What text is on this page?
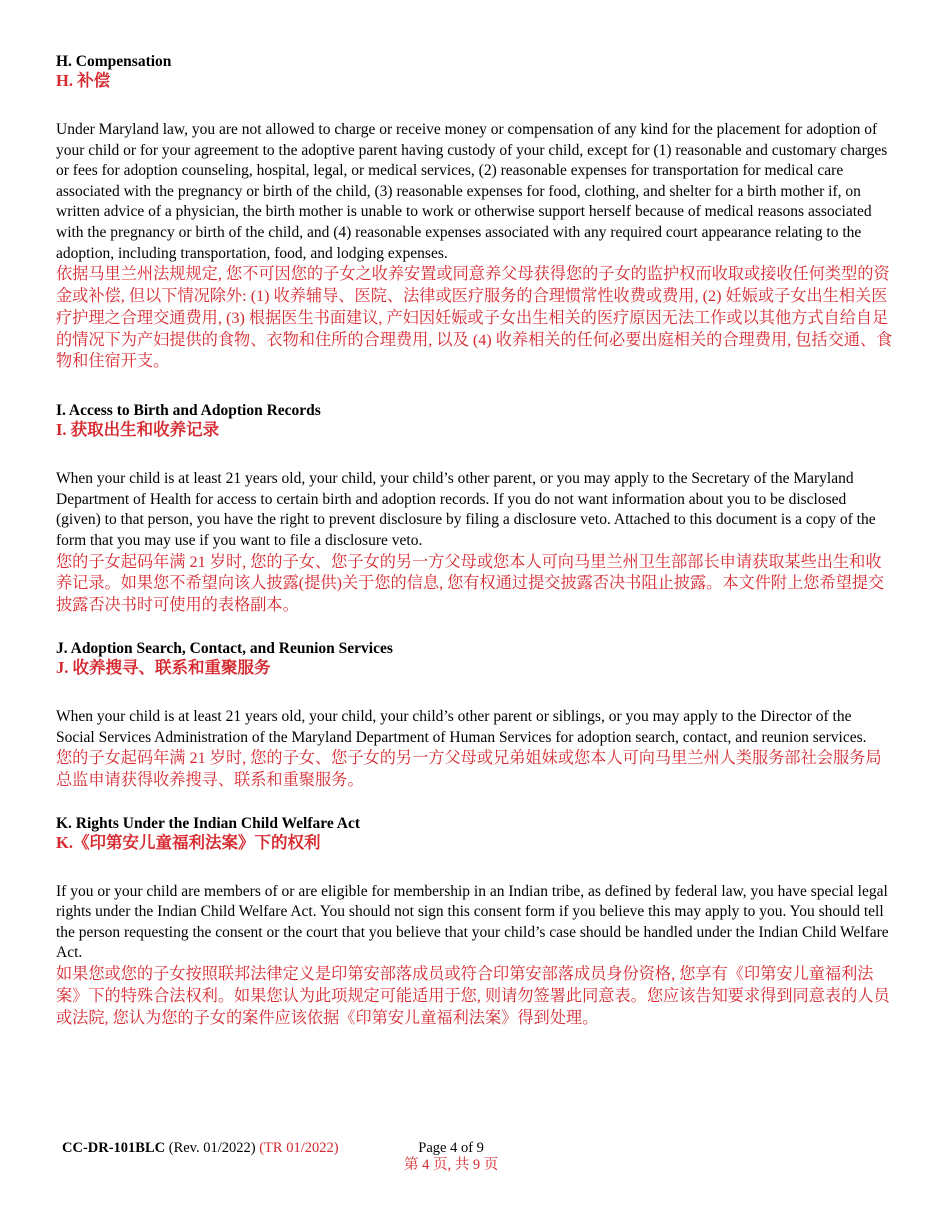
H. Compensation

H. 补偿

Under Maryland law, you are not allowed to charge or receive money or compensation of any kind for the placement for adoption of your child or for your agreement to the adoptive parent having custody of your child, except for (1) reasonable and customary charges or fees for adoption counseling, hospital, legal, or medical services, (2) reasonable expenses for transportation for medical care associated with the pregnancy or birth of the child, (3) reasonable expenses for food, clothing, and shelter for a birth mother if, on written advice of a physician, the birth mother is unable to work or otherwise support herself because of medical reasons associated with the pregnancy or birth of the child, and (4) reasonable expenses associated with any required court appearance relating to the adoption, including transportation, food, and lodging expenses.

依据马里兰州法规规定, 您不可因您的子女之收养安置或同意养父母获得您的子女的监护权而收取或接收任何类型的资金或补偿, 但以下情况除外: (1) 收养辅导、医院、法律或医疗服务的合理惯常性收费或费用, (2) 妊娠或子女出生相关医疗护理之合理交通费用, (3) 根据医生书面建议, 产妇因妊娠或子女出生相关的医疗原因无法工作或以其他方式自给自足的情况下为产妇提供的食物、衣物和住所的合理费用, 以及 (4) 收养相关的任何必要出庭相关的合理费用, 包括交通、食物和住宿开支。

I. Access to Birth and Adoption Records

I. 获取出生和收养记录

When your child is at least 21 years old, your child, your child’s other parent, or you may apply to the Secretary of the Maryland Department of Health for access to certain birth and adoption records. If you do not want information about you to be disclosed (given) to that person, you have the right to prevent disclosure by filing a disclosure veto. Attached to this document is a copy of the form that you may use if you want to file a disclosure veto.

您的子女起码年满 21 岁时, 您的子女、您子女的另一方父母或您本人可向马里兰州卫生部部长申请获取某些出生和收养记录。如果您不希望向该人披露(提供)关于您的信息, 您有权通过提交披露否决书阻止披露。本文件附上您希望提交披露否决书时可使用的表格副本。

J. Adoption Search, Contact, and Reunion Services

J. 收养搜寻、联系和重聚服务

When your child is at least 21 years old, your child, your child’s other parent or siblings, or you may apply to the Director of the Social Services Administration of the Maryland Department of Human Services for adoption search, contact, and reunion services.

您的子女起码年满 21 岁时, 您的子女、您子女的另一方父母或兄弟姐妹或您本人可向马里兰州人类服务部社会服务局总监申请获得收养搜寻、联系和重聚服务。

K. Rights Under the Indian Child Welfare Act

K.《印第安儿童福利法案》下的权利

If you or your child are members of or are eligible for membership in an Indian tribe, as defined by federal law, you have special legal rights under the Indian Child Welfare Act. You should not sign this consent form if you believe this may apply to you. You should tell the person requesting the consent or the court that you believe that your child’s case should be handled under the Indian Child Welfare Act.

如果您或您的子女按照联邦法律定义是印第安部落成员或符合印第安部落成员身份资格, 您享有《印第安儿童福利法案》下的特殊合法权利。如果您认为此项规定可能适用于您, 则请勿签署此同意表。您应该告知要求得到同意表的人员或法院, 您认为您的子女的案件应该依据《印第安儿童福利法案》得到处理。

CC-DR-101BLC (Rev. 01/2022) (TR 01/2022)	Page 4 of 9
第 4 页, 共 9 页
